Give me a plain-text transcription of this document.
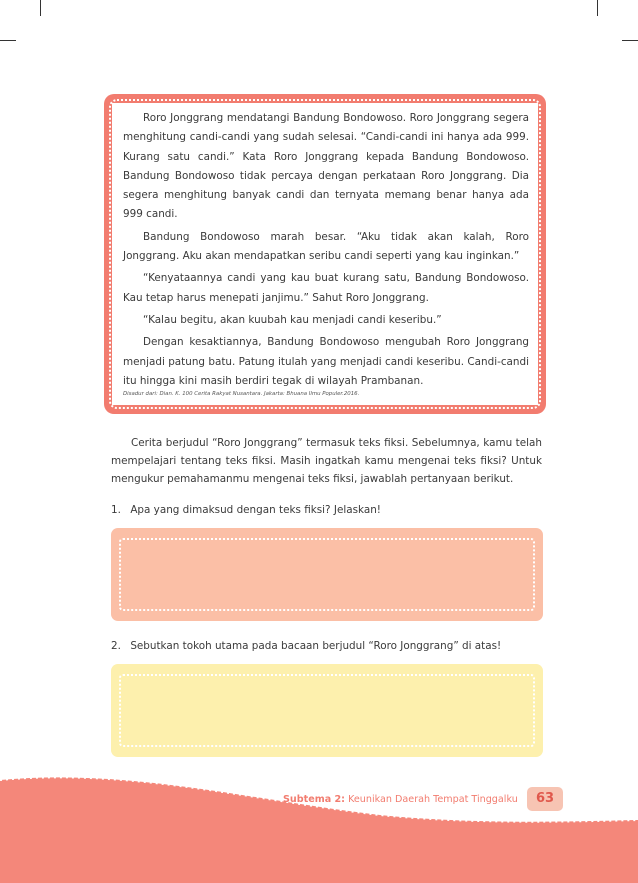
Roro Jonggrang mendatangi Bandung Bondowoso. Roro Jonggrang segera menghitung candi-candi yang sudah selesai. “Candi-candi ini hanya ada 999. Kurang satu candi.” Kata Roro Jonggrang kepada Bandung Bondowoso. Bandung Bondowoso tidak percaya dengan perkataan Roro Jonggrang. Dia segera menghitung banyak candi dan ternyata memang benar hanya ada 999 candi.

Bandung Bondowoso marah besar. “Aku tidak akan kalah, Roro Jonggrang. Aku akan mendapatkan seribu candi seperti yang kau inginkan.”

“Kenyataannya candi yang kau buat kurang satu, Bandung Bondowoso. Kau tetap harus menepati janjimu.” Sahut Roro Jonggrang.

“Kalau begitu, akan kuubah kau menjadi candi keseribu.”

Dengan kesaktiannya, Bandung Bondowoso mengubah Roro Jonggrang menjadi patung batu. Patung itulah yang menjadi candi keseribu. Candi-candi itu hingga kini masih berdiri tegak di wilayah Prambanan.

Disadur dari: Dian. K. 100 Cerita Rakyat Nusantara. Jakarta: Bhuana Ilmu Populer.2016.

Cerita berjudul “Roro Jonggrang” termasuk teks fiksi. Sebelumnya, kamu telah mempelajari tentang teks fiksi. Masih ingatkah kamu mengenai teks fiksi? Untuk mengukur pemahamanmu mengenai teks fiksi, jawablah pertanyaan berikut.

1. Apa yang dimaksud dengan teks fiksi? Jelaskan!
2. Sebutkan tokoh utama pada bacaan berjudul “Roro Jonggrang” di atas!
Subtema 2: Keunikan Daerah Tempat Tinggalku	63
